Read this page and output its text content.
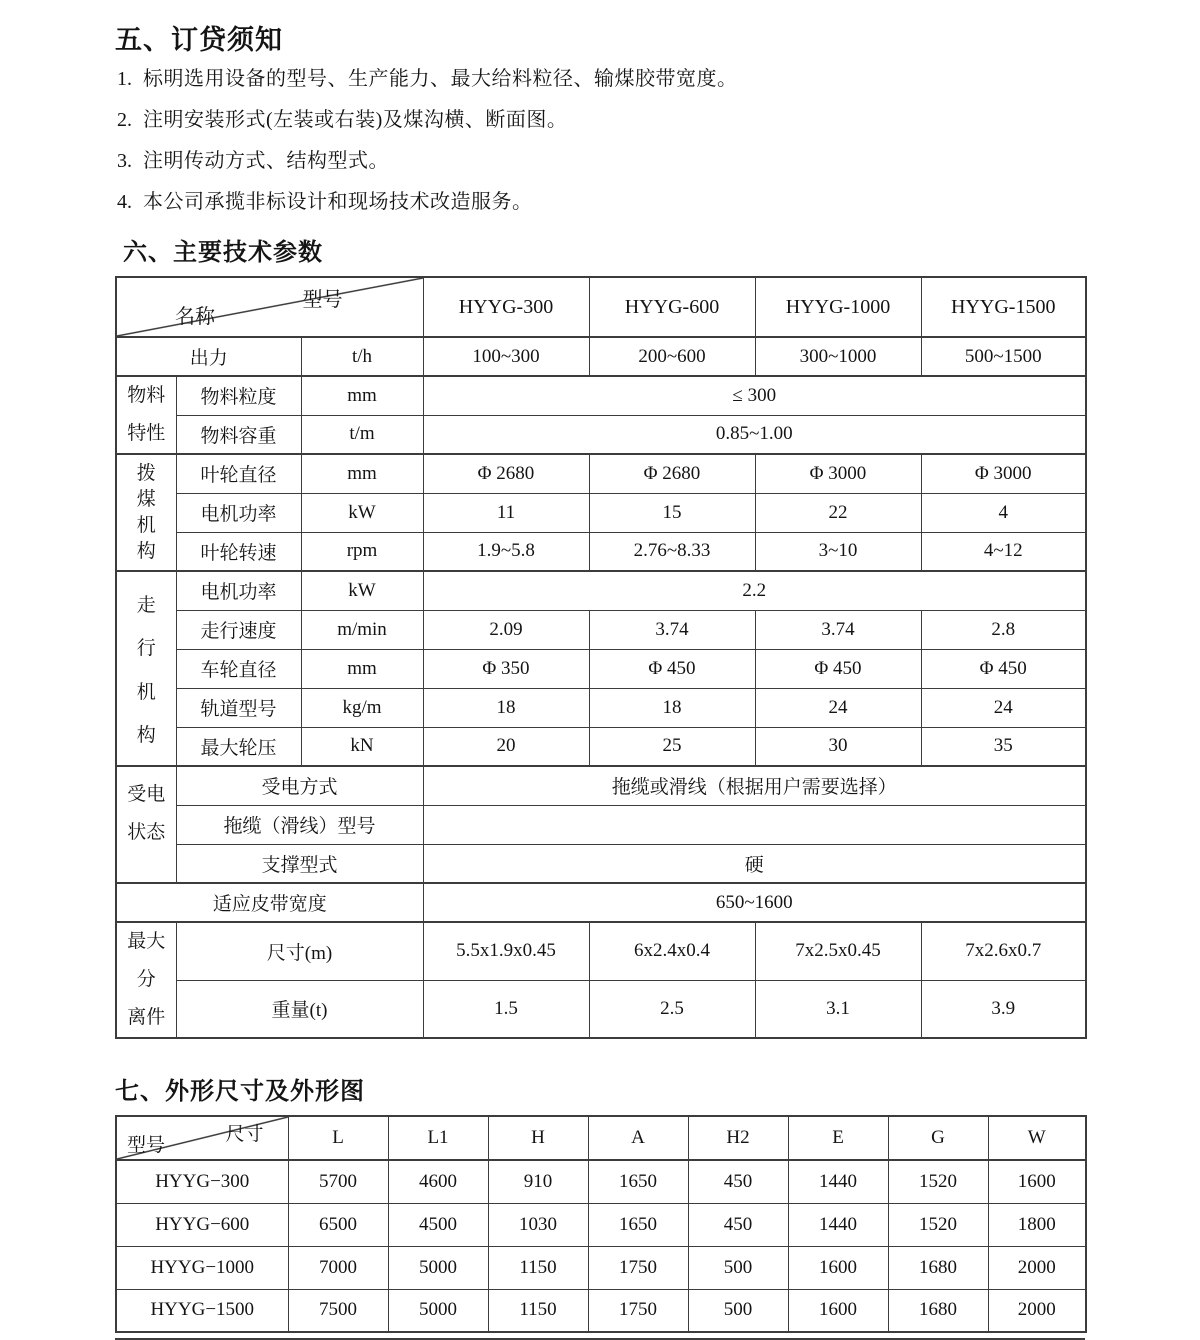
五、订贷须知
1. 标明选用设备的型号、生产能力、最大给料粒径、输煤胶带宽度。
2. 注明安装形式(左装或右装)及煤沟横、断面图。
3. 注明传动方式、结构型式。
4. 本公司承揽非标设计和现场技术改造服务。
六、主要技术参数
型号
名称			HYYG-300	HYYG-600	HYYG-1000	HYYG-1500
出力		t/h	100~300	200~600	300~1000	500~1500

物料
特性	物料粒度	mm	≤ 300			
	物料容重	t/m	0.85~1.00			

拨
煤
机
构	叶轮直径	mm	Φ 2680	Φ 2680	Φ 3000	Φ 3000
	电机功率	kW	11	15	22	4
	叶轮转速	rpm	1.9~5.8	2.76~8.33	3~10	4~12

走
行
机
构	电机功率	kW	2.2			
	走行速度	m/min	2.09	3.74	3.74	2.8
	车轮直径	mm	Φ 350	Φ 450	Φ 450	Φ 450
	轨道型号	kg/m	18	18	24	24
	最大轮压	kN	20	25	30	35

受电
状态	受电方式		拖缆或滑线（根据用户需要选择）			
	拖缆（滑线）型号					
	支撑型式		硬			
适应皮带宽度			650~1600			

最大分
离件	尺寸(m)		5.5x1.9x0.45	6x2.4x0.4	7x2.5x0.45	7x2.6x0.7
	重量(t)		1.5	2.5	3.1	3.9
七、外形尺寸及外形图
尺寸
型号	L	L1	H	A	H2	E	G	W
HYYG−300	5700	4600	910	1650	450	1440	1520	1600
HYYG−600	6500	4500	1030	1650	450	1440	1520	1800
HYYG−1000	7000	5000	1150	1750	500	1600	1680	2000
HYYG−1500	7500	5000	1150	1750	500	1600	1680	2000
